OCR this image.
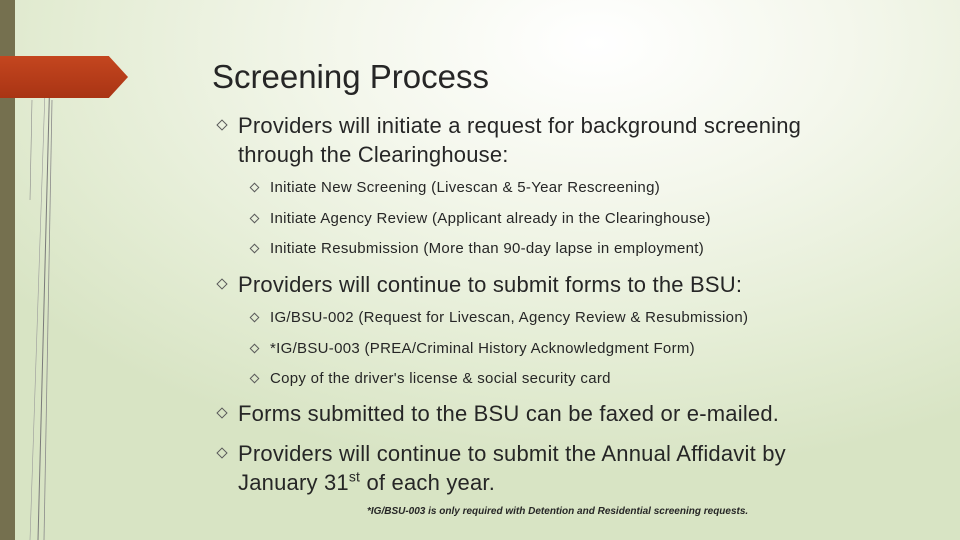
Screening Process
Providers will initiate a request for background screening
through the Clearinghouse:
Initiate New Screening (Livescan & 5-Year Rescreening)
Initiate Agency Review (Applicant already in the Clearinghouse)
Initiate Resubmission (More than 90-day lapse in employment)
Providers will continue to submit forms to the BSU:
IG/BSU-002 (Request for Livescan, Agency Review & Resubmission)
*IG/BSU-003 (PREA/Criminal History Acknowledgment Form)
Copy of the driver's license & social security card
Forms submitted to the BSU can be faxed or e-mailed.
Providers will continue to submit the Annual Affidavit by
January 31st of each year.
*IG/BSU-003 is only required with Detention and Residential screening requests.
